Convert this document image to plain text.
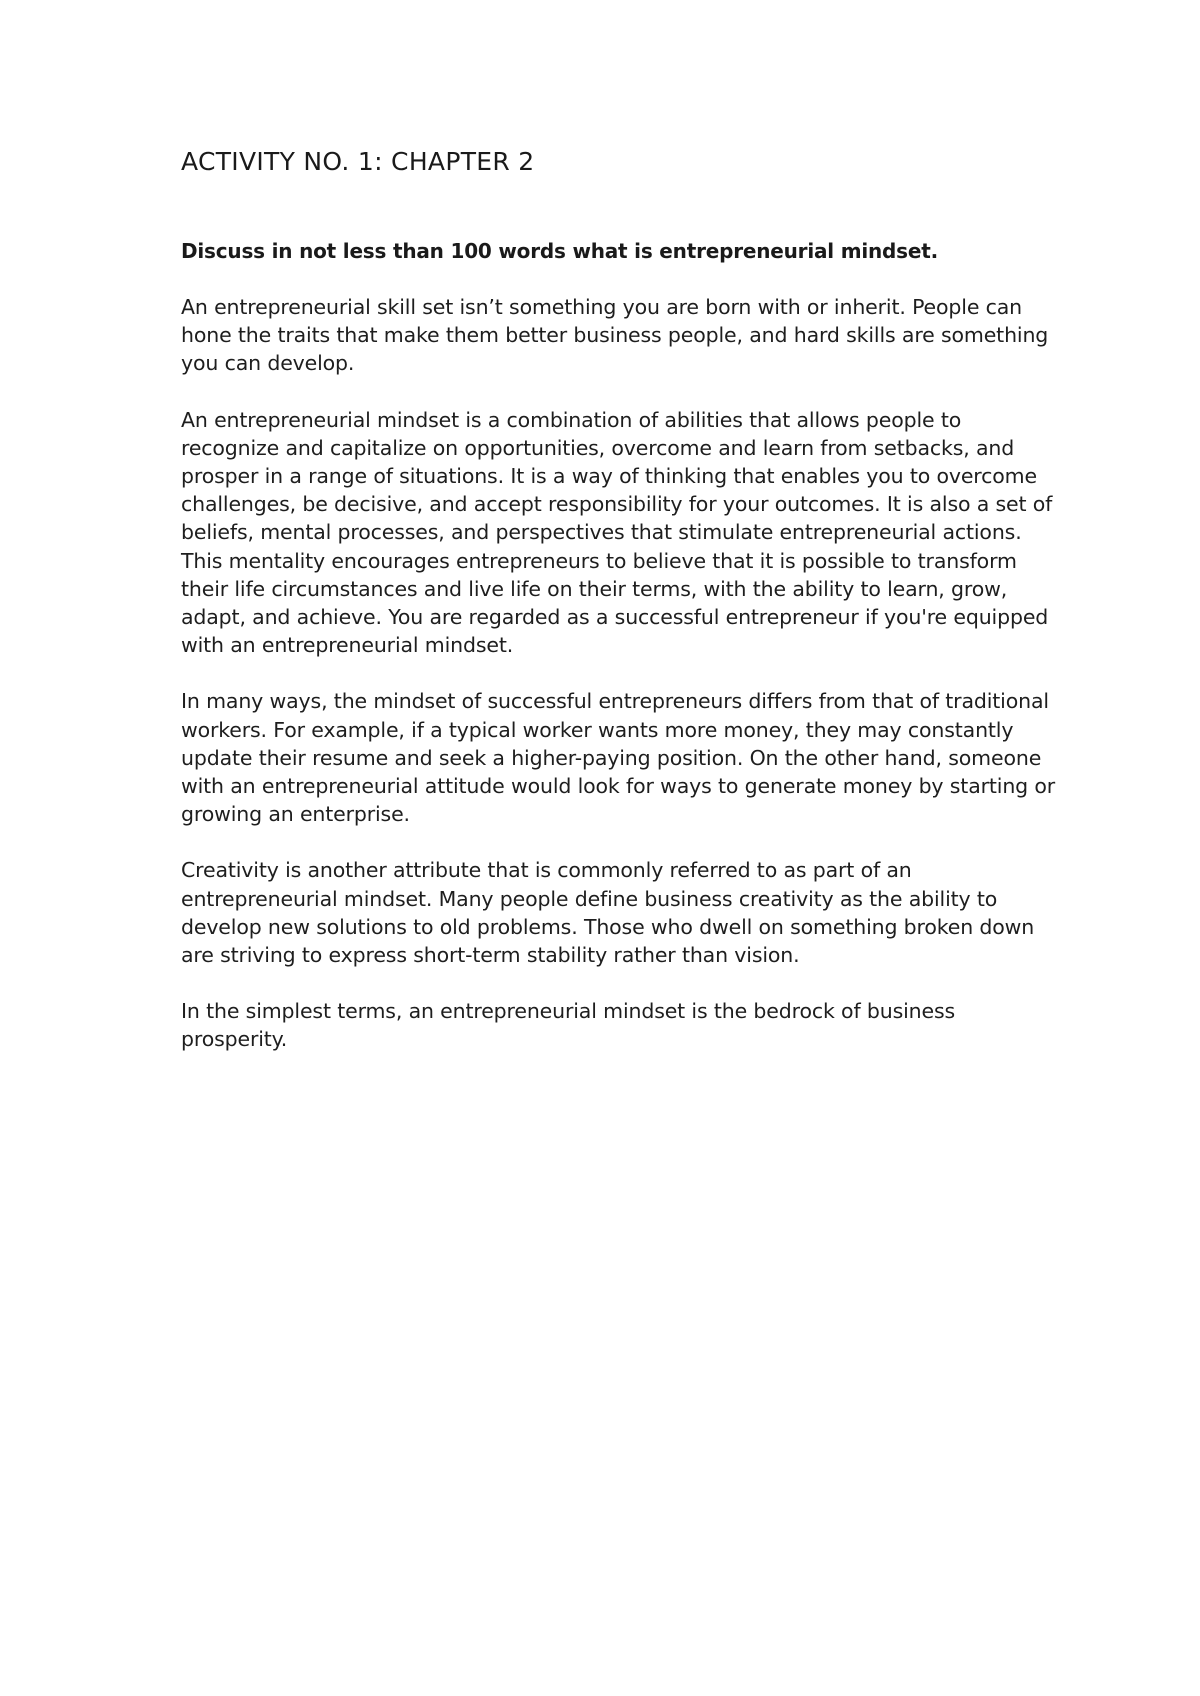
ACTIVITY NO. 1: CHAPTER 2

Discuss in not less than 100 words what is entrepreneurial mindset.

An entrepreneurial skill set isn’t something you are born with or inherit. People can hone the traits that make them better business people, and hard skills are something you can develop.

An entrepreneurial mindset is a combination of abilities that allows people to recognize and capitalize on opportunities, overcome and learn from setbacks, and prosper in a range of situations. It is a way of thinking that enables you to overcome challenges, be decisive, and accept responsibility for your outcomes. It is also a set of beliefs, mental processes, and perspectives that stimulate entrepreneurial actions. This mentality encourages entrepreneurs to believe that it is possible to transform their life circumstances and live life on their terms, with the ability to learn, grow, adapt, and achieve. You are regarded as a successful entrepreneur if you're equipped with an entrepreneurial mindset.

In many ways, the mindset of successful entrepreneurs differs from that of traditional workers. For example, if a typical worker wants more money, they may constantly update their resume and seek a higher-paying position. On the other hand, someone with an entrepreneurial attitude would look for ways to generate money by starting or growing an enterprise.

Creativity is another attribute that is commonly referred to as part of an entrepreneurial mindset. Many people define business creativity as the ability to develop new solutions to old problems. Those who dwell on something broken down are striving to express short-term stability rather than vision.

In the simplest terms, an entrepreneurial mindset is the bedrock of business prosperity.
